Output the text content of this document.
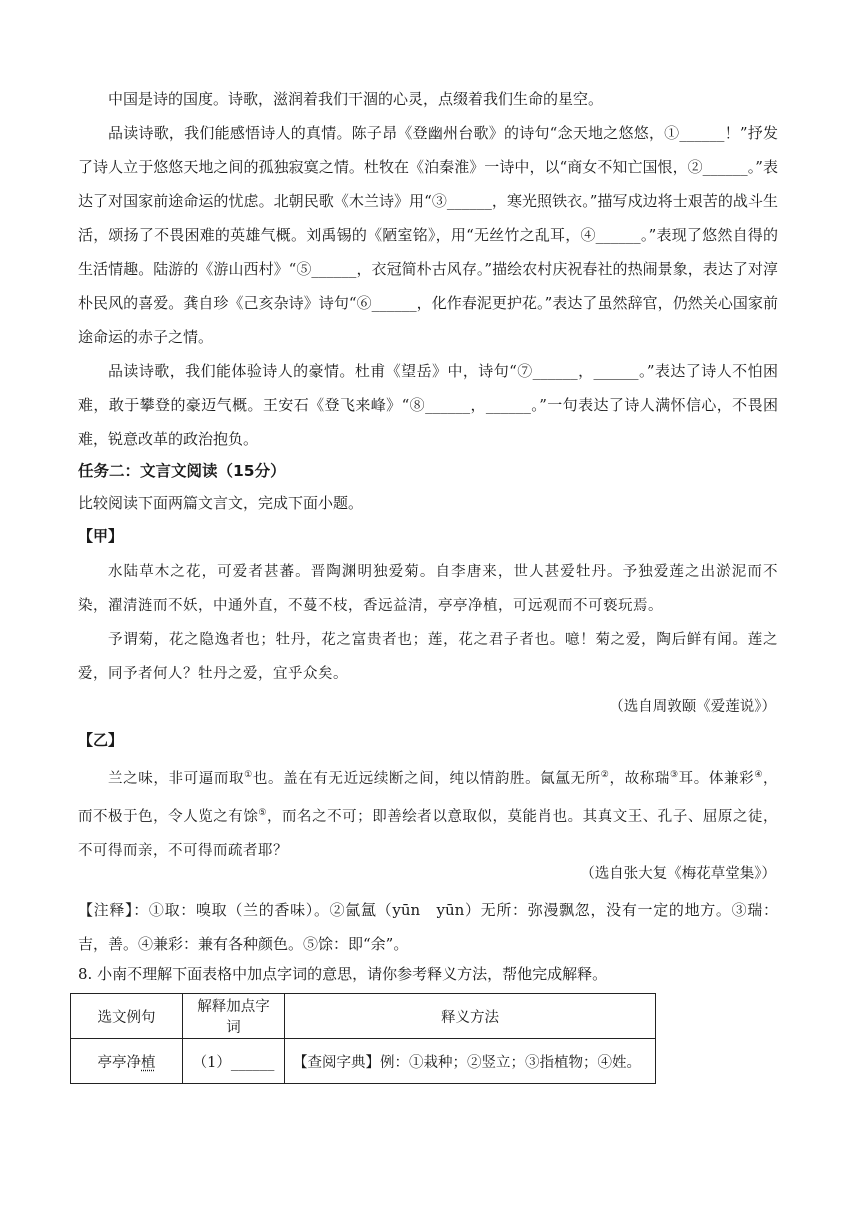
中国是诗的国度。诗歌，滋润着我们干涸的心灵，点缀着我们生命的星空。

品读诗歌，我们能感悟诗人的真情。陈子昂《登幽州台歌》的诗句“念天地之悠悠，①______！”抒发了诗人立于悠悠天地之间的孤独寂寞之情。杜牧在《泊秦淮》一诗中，以“商女不知亡国恨，②______。”表达了对国家前途命运的忧虑。北朝民歌《木兰诗》用“③______，寒光照铁衣。”描写戍边将士艰苦的战斗生活，颂扬了不畏困难的英雄气概。刘禹锡的《陋室铭》，用“无丝竹之乱耳，④______。”表现了悠然自得的生活情趣。陆游的《游山西村》“⑤______，衣冠简朴古风存。”描绘农村庆祝春社的热闹景象，表达了对淳朴民风的喜爱。龚自珍《己亥杂诗》诗句“⑥______，化作春泥更护花。”表达了虽然辞官，仍然关心国家前途命运的赤子之情。

品读诗歌，我们能体验诗人的豪情。杜甫《望岳》中，诗句“⑦______，______。”表达了诗人不怕困难，敢于攀登的豪迈气概。王安石《登飞来峰》“⑧______，______。”一句表达了诗人满怀信心，不畏困难，锐意改革的政治抱负。

任务二：文言文阅读（15分）
比较阅读下面两篇文言文，完成下面小题。
【甲】

水陆草木之花，可爱者甚蕃。晋陶渊明独爱菊。自李唐来，世人甚爱牡丹。予独爱莲之出淤泥而不染，濯清涟而不妖，中通外直，不蔓不枝，香远益清，亭亭净植，可远观而不可亵玩焉。

予谓菊，花之隐逸者也；牡丹，花之富贵者也；莲，花之君子者也。噫！菊之爱，陶后鲜有闻。莲之爱，同予者何人？牡丹之爱，宜乎众矣。

（选自周敦颐《爱莲说》）
【乙】

兰之味，非可逼而取①也。盖在有无近远续断之间，纯以情韵胜。氤氲无所②，故称瑞③耳。体兼彩④，而不极于色，令人览之有馀⑤，而名之不可；即善绘者以意取似，莫能肖也。其真文王、孔子、屈原之徒，不可得而亲，不可得而疏者耶？

（选自张大复《梅花草堂集》）

【注释】：①取：嗅取（兰的香味）。②氤氲（yūn　yūn）无所：弥漫飘忽，没有一定的地方。③瑞：吉，善。④兼彩：兼有各种颜色。⑤馀：即“余”。

8. 小南不理解下面表格中加点字词的意思，请你参考释义方法，帮他完成解释。
选文例句	解释加点字词	释义方法
亭亭净植	（1）______	【查阅字典】例：①栽种；②竖立；③指植物；④姓。
